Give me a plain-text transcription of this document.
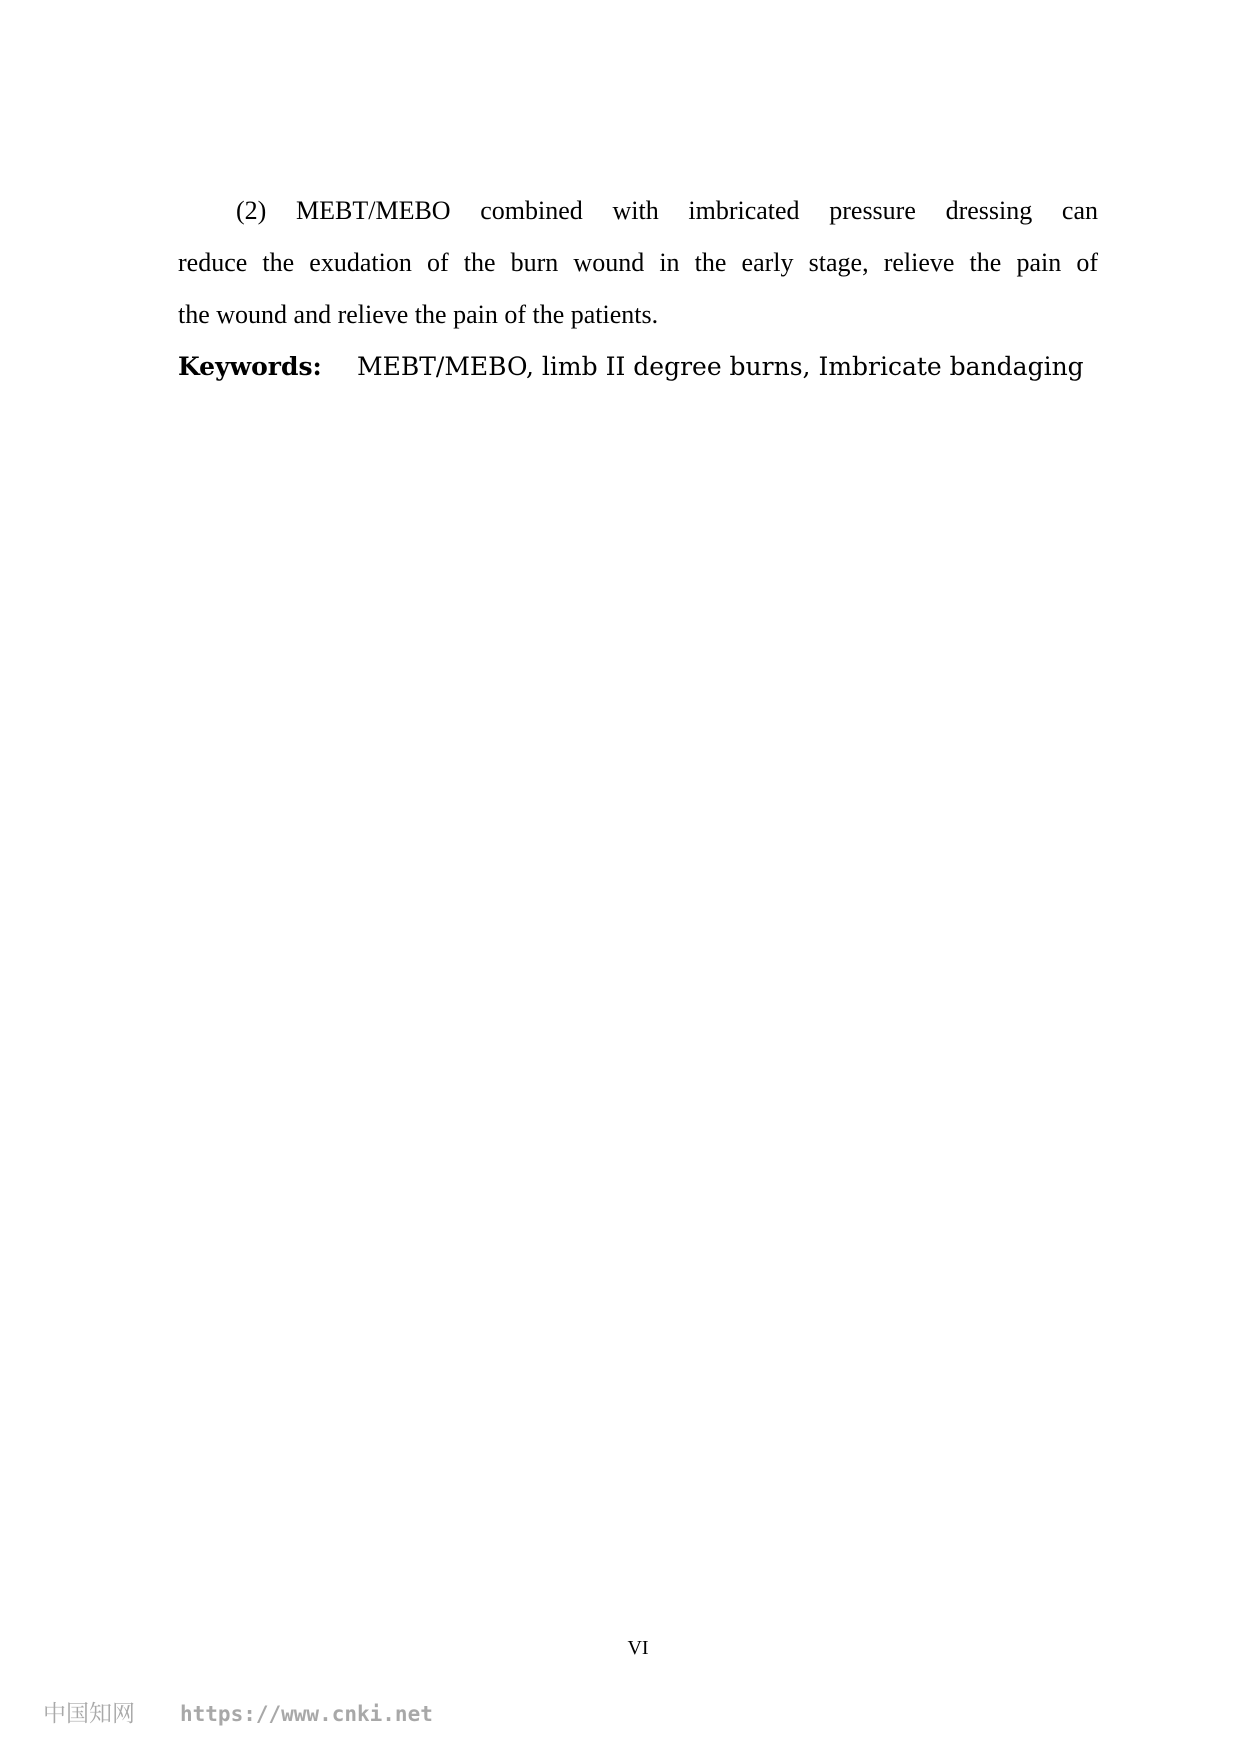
(2) MEBT/MEBO combined with imbricated pressure dressing can
reduce the exudation of the burn wound in the early stage, relieve the pain of
the wound and relieve the pain of the patients.
Keywords: MEBT/MEBO, limb II degree burns, Imbricate bandaging
VI
中国知网 https://www.cnki.net
